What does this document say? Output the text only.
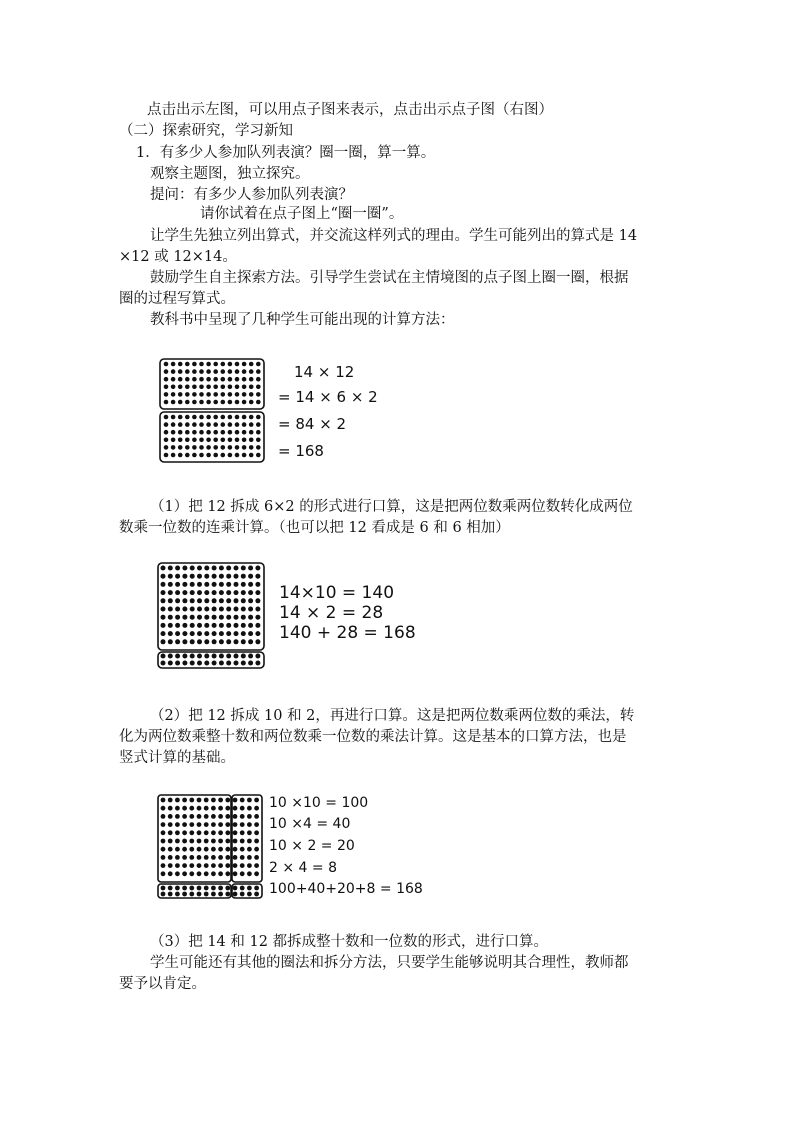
点击出示左图，可以用点子图来表示，点击出示点子图（右图）
（二）探索研究，学习新知
1．有多少人参加队列表演？圈一圈，算一算。
观察主题图，独立探究。
提问：有多少人参加队列表演？
请你试着在点子图上“圈一圈”。
让学生先独立列出算式，并交流这样列式的理由。学生可能列出的算式是 14
×12 或 12×14。
鼓励学生自主探索方法。引导学生尝试在主情境图的点子图上圈一圈，根据
圈的过程写算式。
教科书中呈现了几种学生可能出现的计算方法：
14 × 12
= 14 × 6 × 2
= 84 × 2
= 168
（1）把 12 拆成 6×2 的形式进行口算，这是把两位数乘两位数转化成两位
数乘一位数的连乘计算。（也可以把 12 看成是 6 和 6 相加）
14×10 = 140
14 × 2 = 28
140 + 28 = 168
（2）把 12 拆成 10 和 2，再进行口算。这是把两位数乘两位数的乘法，转
化为两位数乘整十数和两位数乘一位数的乘法计算。这是基本的口算方法，也是
竖式计算的基础。
10 ×10 = 100
10 ×4 = 40
10 × 2 = 20
2 × 4 = 8
100+40+20+8 = 168
（3）把 14 和 12 都拆成整十数和一位数的形式，进行口算。
学生可能还有其他的圈法和拆分方法，只要学生能够说明其合理性，教师都
要予以肯定。
